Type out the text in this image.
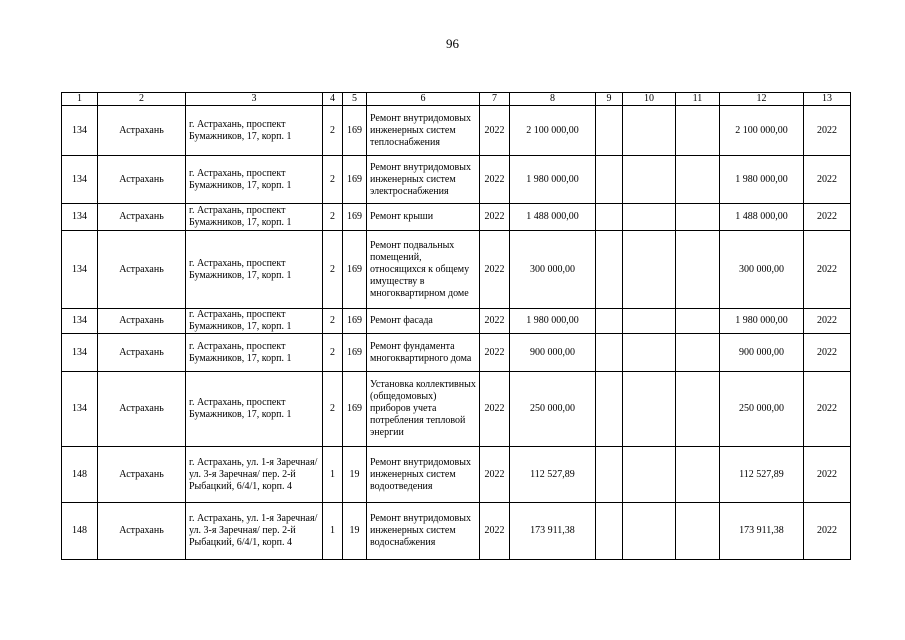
96
1	2	3	4	5	6	7	8	9	10	11	12	13
134	Астрахань	г. Астрахань, проспект Бумажников, 17, корп. 1	2	169	Ремонт внутридомовых инженерных систем теплоснабжения	2022	2 100 000,00				2 100 000,00	2022
134	Астрахань	г. Астрахань, проспект Бумажников, 17, корп. 1	2	169	Ремонт внутридомовых инженерных систем электроснабжения	2022	1 980 000,00				1 980 000,00	2022
134	Астрахань	г. Астрахань, проспект Бумажников, 17, корп. 1	2	169	Ремонт крыши	2022	1 488 000,00				1 488 000,00	2022
134	Астрахань	г. Астрахань, проспект Бумажников, 17, корп. 1	2	169	Ремонт подвальных помещений, относящихся к общему имуществу в многоквартирном доме	2022	300 000,00				300 000,00	2022
134	Астрахань	г. Астрахань, проспект Бумажников, 17, корп. 1	2	169	Ремонт фасада	2022	1 980 000,00				1 980 000,00	2022
134	Астрахань	г. Астрахань, проспект Бумажников, 17, корп. 1	2	169	Ремонт фундамента многоквартирного дома	2022	900 000,00				900 000,00	2022
134	Астрахань	г. Астрахань, проспект Бумажников, 17, корп. 1	2	169	Установка коллективных (общедомовых) приборов учета потребления тепловой энергии	2022	250 000,00				250 000,00	2022
148	Астрахань	г. Астрахань, ул. 1-я Заречная/ ул. 3-я Заречная/ пер. 2-й Рыбацкий, 6/4/1, корп. 4	1	19	Ремонт внутридомовых инженерных систем водоотведения	2022	112 527,89				112 527,89	2022
148	Астрахань	г. Астрахань, ул. 1-я Заречная/ ул. 3-я Заречная/ пер. 2-й Рыбацкий, 6/4/1, корп. 4	1	19	Ремонт внутридомовых инженерных систем водоснабжения	2022	173 911,38				173 911,38	2022
